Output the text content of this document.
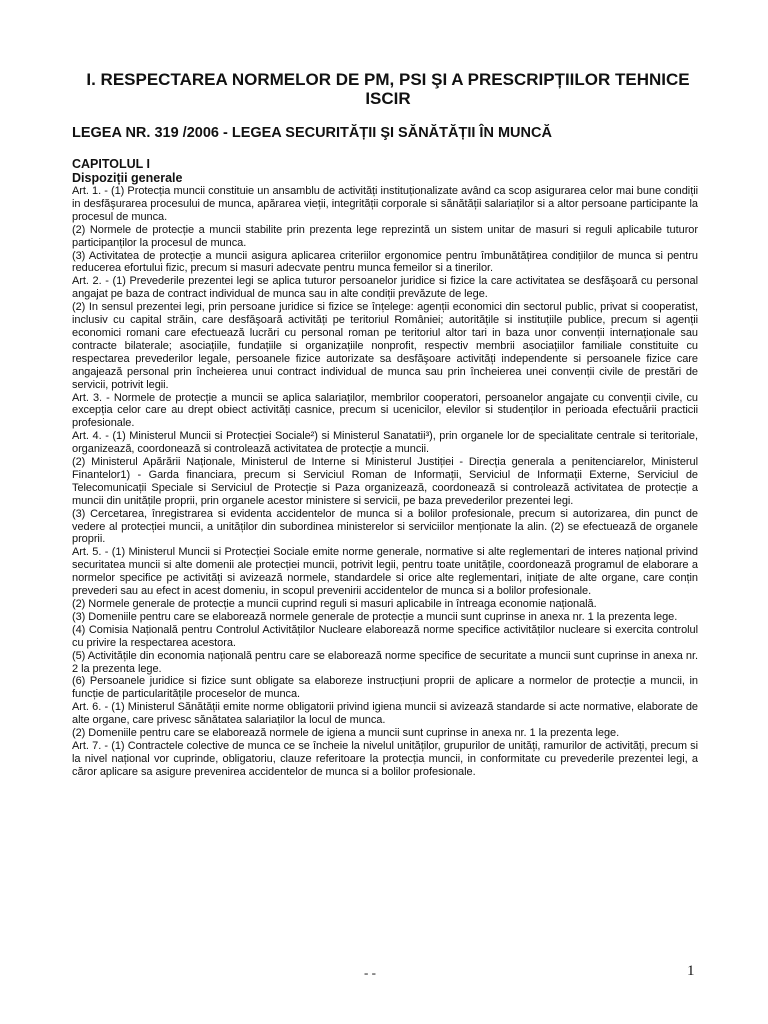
I. RESPECTAREA NORMELOR DE PM, PSI ŞI A PRESCRIPȚIILOR TEHNICE ISCIR
LEGEA NR. 319 /2006 - LEGEA SECURITĂȚII ŞI SĂNĂTĂȚII ÎN MUNCĂ
CAPITOLUL I
Dispoziții generale

Art. 1. - (1) Protecția muncii constituie un ansamblu de activități instituționalizate având ca scop asigurarea celor mai bune condiții in desfăşurarea procesului de munca, apărarea vieții, integrității corporale si sănătății salariaților si a altor persoane participante la procesul de munca.

(2) Normele de protecție a muncii stabilite prin prezenta lege reprezintă un sistem unitar de masuri si reguli aplicabile tuturor participanților la procesul de munca.

(3) Activitatea de protecție a muncii asigura aplicarea criteriilor ergonomice pentru îmbunătățirea condițiilor de munca si pentru reducerea efortului fizic, precum si masuri adecvate pentru munca femeilor si a tinerilor.

Art. 2. - (1) Prevederile prezentei legi se aplica tuturor persoanelor juridice si fizice la care activitatea se desfăşoară cu personal angajat pe baza de contract individual de munca sau in alte condiții prevăzute de lege.

(2) In sensul prezentei legi, prin persoane juridice si fizice se înțelege: agenții economici din sectorul public, privat si cooperatist, inclusiv cu capital străin, care desfăşoară activități pe teritoriul României; autoritățile si instituțiile publice, precum si agenții economici romani care efectuează lucrări cu personal roman pe teritoriul altor tari in baza unor convenții internaționale sau contracte bilaterale; asociațiile, fundațiile si organizațiile nonprofit, respectiv membrii asociațiilor familiale constituite cu respectarea prevederilor legale, persoanele fizice autorizate sa desfăşoare activități independente si persoanele fizice care angajează personal prin încheierea unui contract individual de munca sau prin încheierea unei convenții civile de prestări de servicii, potrivit legii.

Art. 3. - Normele de protecție a muncii se aplica salariaților, membrilor cooperatori, persoanelor angajate cu convenții civile, cu excepția celor care au drept obiect activități casnice, precum si ucenicilor, elevilor si studenților in perioada efectuării practicii profesionale.

Art. 4. - (1) Ministerul Muncii si Protecției Sociale²) si Ministerul Sanatatii³), prin organele lor de specialitate centrale si teritoriale, organizează, coordonează si controlează activitatea de protecție a muncii.

(2) Ministerul Apărării Naționale, Ministerul de Interne si Ministerul Justiției - Direcția generala a penitenciarelor, Ministerul Finantelor1) - Garda financiara, precum si Serviciul Roman de Informații, Serviciul de Informații Externe, Serviciul de Telecomunicații Speciale si Serviciul de Protecție si Paza organizează, coordonează si controlează activitatea de protecție a muncii din unitățile proprii, prin organele acestor ministere si servicii, pe baza prevederilor prezentei legi.

(3) Cercetarea, înregistrarea si evidenta accidentelor de munca si a bolilor profesionale, precum si autorizarea, din punct de vedere al protecției muncii, a unităților din subordinea ministerelor si serviciilor menționate la alin. (2) se efectuează de organele proprii.

Art. 5. - (1) Ministerul Muncii si Protecției Sociale emite norme generale, normative si alte reglementari de interes național privind securitatea muncii si alte domenii ale protecției muncii, potrivit legii, pentru toate unitățile, coordonează programul de elaborare a normelor specifice pe activități si avizează normele, standardele si orice alte reglementari, inițiate de alte organe, care conțin prevederi sau au efect in acest domeniu, in scopul prevenirii accidentelor de munca si a bolilor profesionale.

(2) Normele generale de protecție a muncii cuprind reguli si masuri aplicabile in întreaga economie națională.

(3) Domeniile pentru care se elaborează normele generale de protecție a muncii sunt cuprinse in anexa nr. 1 la prezenta lege.

(4) Comisia Națională pentru Controlul Activităților Nucleare elaborează norme specifice activităților nucleare si exercita controlul cu privire la respectarea acestora.

(5) Activitățile din economia națională pentru care se elaborează norme specifice de securitate a muncii sunt cuprinse in anexa nr. 2 la prezenta lege.

(6) Persoanele juridice si fizice sunt obligate sa elaboreze instrucțiuni proprii de aplicare a normelor de protecție a muncii, in funcție de particularitățile proceselor de munca.

Art. 6. - (1) Ministerul Sănătății emite norme obligatorii privind igiena muncii si avizează standarde si acte normative, elaborate de alte organe, care privesc sănătatea salariaților la locul de munca.

(2) Domeniile pentru care se elaborează normele de igiena a muncii sunt cuprinse in anexa nr. 1 la prezenta lege.

Art. 7. - (1) Contractele colective de munca ce se încheie la nivelul unităților, grupurilor de unități, ramurilor de activități, precum si la nivel național vor cuprinde, obligatoriu, clauze referitoare la protecția muncii, in conformitate cu prevederile prezentei legi, a căror aplicare sa asigure prevenirea accidentelor de munca si a bolilor profesionale.

- -	1
